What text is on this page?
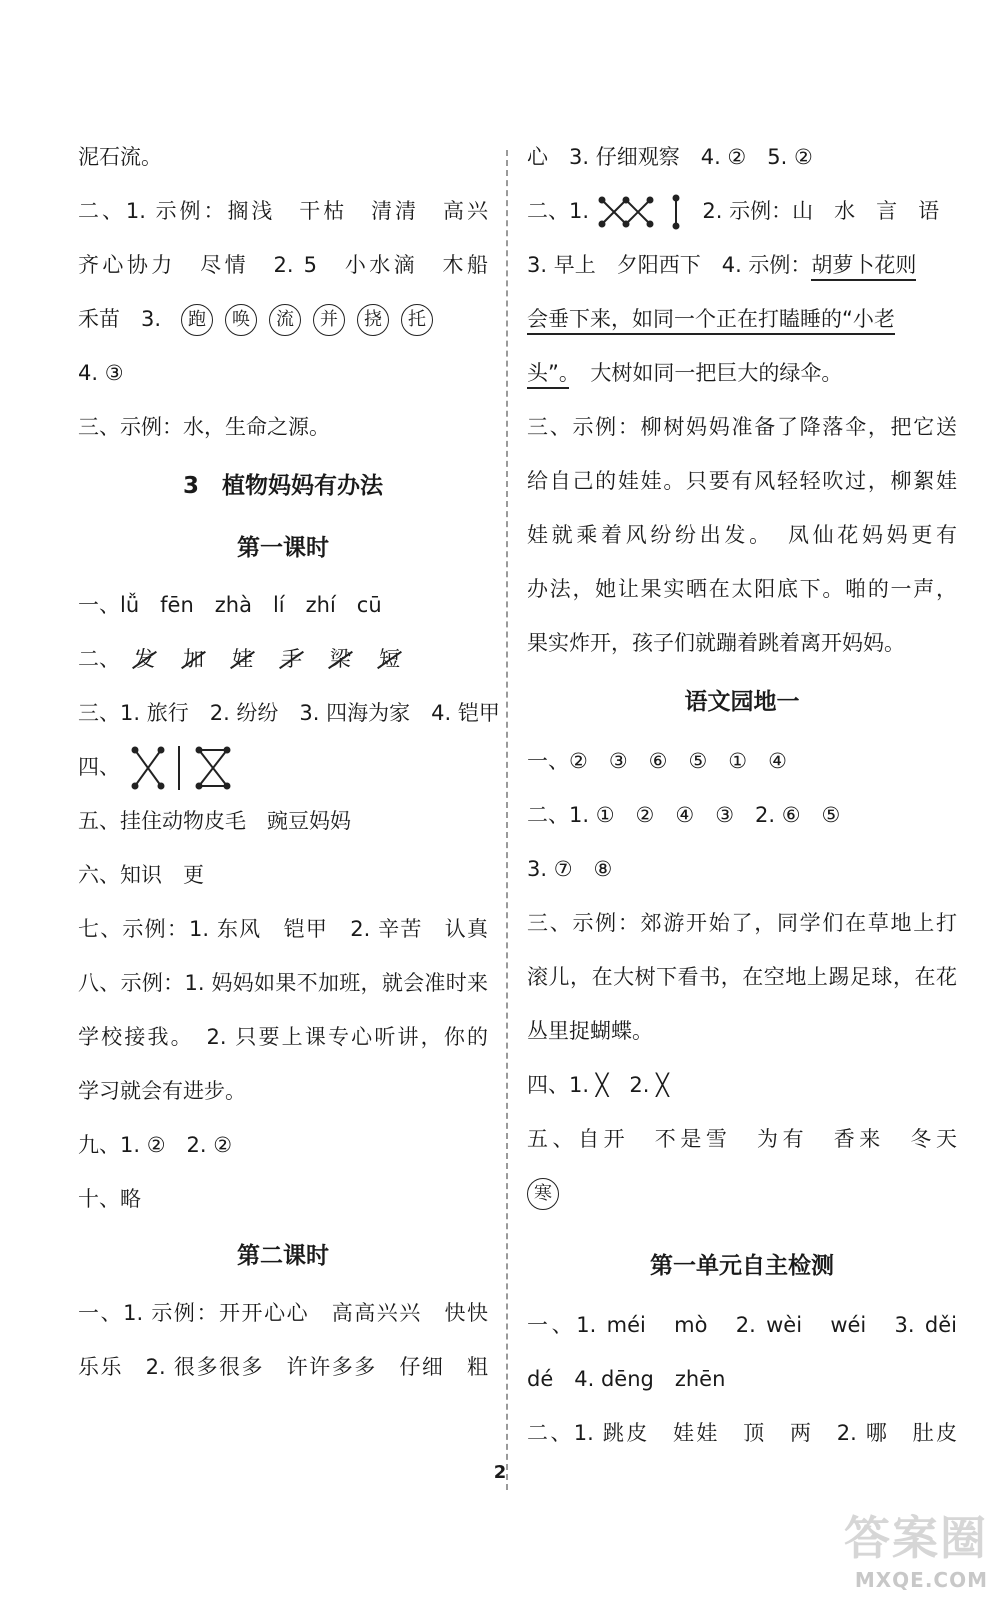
泥石流。
二、1. 示例：搁浅　干枯　清清　高兴
齐心协力　尽情　2. 5　小水滴　木船
禾苗　3. 跑 唤 流 并 挠 托
4. ③
三、示例：水，生命之源。
3　植物妈妈有办法
第一课时
一、lǚ　fēn　zhà　lí　zhí　cū
二、 发 加 娃 手 梁 短
三、1. 旅行　2. 纷纷　3. 四海为家　4. 铠甲
四、
五、挂住动物皮毛　豌豆妈妈
六、知识　更
七、示例：1. 东风　铠甲　2. 辛苦　认真
八、示例：1. 妈妈如果不加班，就会准时来
学校接我。　2. 只要上课专心听讲，你的
学习就会有进步。
九、1. ②　2. ②
十、略
第二课时
一、1. 示例：开开心心　高高兴兴　快快
乐乐　2. 很多很多　许许多多　仔细　粗
心　3. 仔细观察　4. ②　5. ②
二、1.	2. 示例：山　水　言　语
3. 早上　夕阳西下　4. 示例：胡萝卜花则
会垂下来，如同一个正在打瞌睡的“小老
头”。　大树如同一把巨大的绿伞。
三、示例：柳树妈妈准备了降落伞，把它送
给自己的娃娃。只要有风轻轻吹过，柳絮娃
娃就乘着风纷纷出发。　凤仙花妈妈更有
办法，她让果实晒在太阳底下。啪的一声，
果实炸开，孩子们就蹦着跳着离开妈妈。
语文园地一
一、②　③　⑥　⑤　①　④
二、1. ①　②　④　③　2. ⑥　⑤
3. ⑦　⑧
三、示例：郊游开始了，同学们在草地上打
滚儿，在大树下看书，在空地上踢足球，在花
丛里捉蝴蝶。
四、1. ╳　2. ╳
五、自开　不是雪　为有　香来　冬天
寒
第一单元自主检测
一、1. méi　mò　2. wèi　wéi　3. děi
dé　4. dēng　zhēn
二、1. 跳皮　娃娃　顶　两　2. 哪　肚皮
2
答案圈
MXQE.COM
